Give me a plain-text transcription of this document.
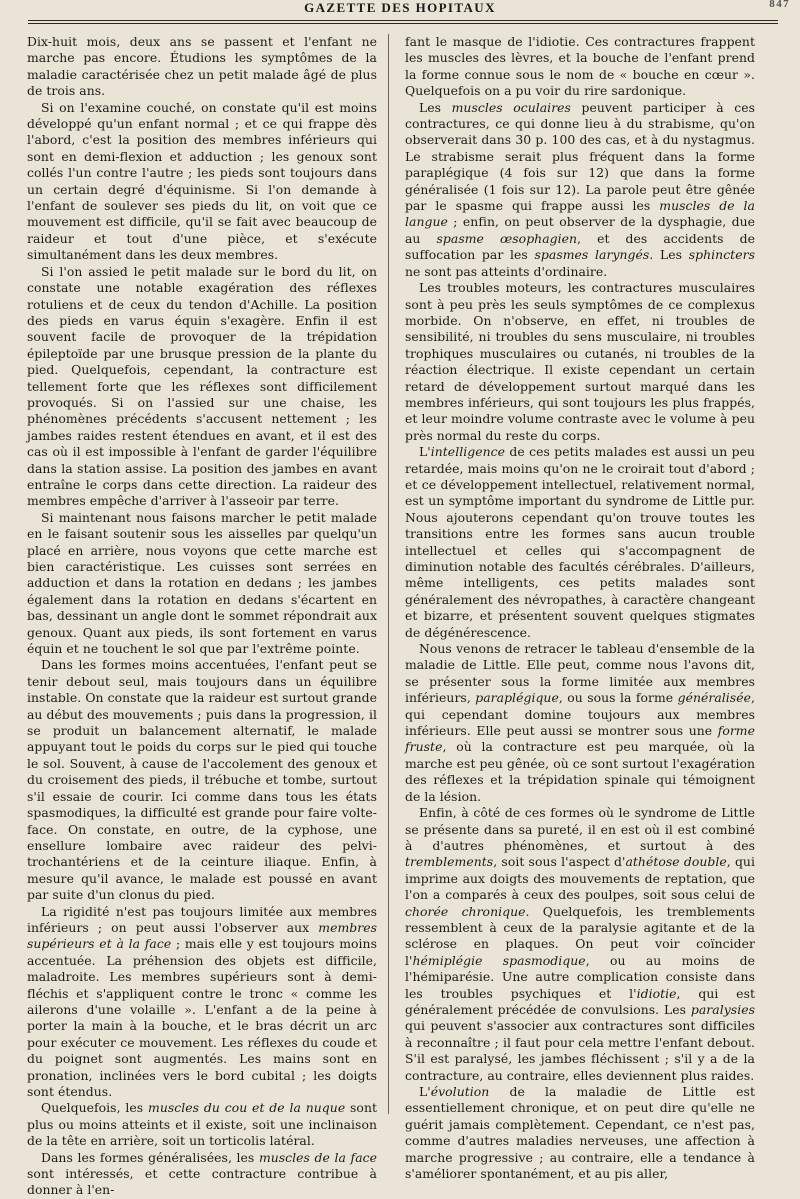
GAZETTE DES HOPITAUX	847

Dix-huit mois, deux ans se passent et l'enfant ne marche pas encore. Étudions les symptômes de la maladie caractérisée chez un petit malade âgé de plus de trois ans.

Si on l'examine couché, on constate qu'il est moins développé qu'un enfant normal ; et ce qui frappe dès l'abord, c'est la position des membres inférieurs qui sont en demi-flexion et adduction ; les genoux sont collés l'un contre l'autre ; les pieds sont toujours dans un certain degré d'équinisme. Si l'on demande à l'enfant de soulever ses pieds du lit, on voit que ce mouvement est difficile, qu'il se fait avec beaucoup de raideur et tout d'une pièce, et s'exécute simultanément dans les deux membres.

Si l'on assied le petit malade sur le bord du lit, on constate une notable exagération des réflexes rotuliens et de ceux du tendon d'Achille. La position des pieds en varus équin s'exagère. Enfin il est souvent facile de provoquer de la trépidation épileptoïde par une brusque pression de la plante du pied. Quelquefois, cependant, la contracture est tellement forte que les réflexes sont difficilement provoqués. Si on l'assied sur une chaise, les phénomènes précédents s'accusent nettement ; les jambes raides restent étendues en avant, et il est des cas où il est impossible à l'enfant de garder l'équilibre dans la station assise. La position des jambes en avant entraîne le corps dans cette direction. La raideur des membres empêche d'arriver à l'asseoir par terre.

Si maintenant nous faisons marcher le petit malade en le faisant soutenir sous les aisselles par quelqu'un placé en arrière, nous voyons que cette marche est bien caractéristique. Les cuisses sont serrées en adduction et dans la rotation en dedans ; les jambes également dans la rotation en dedans s'écartent en bas, dessinant un angle dont le sommet répondrait aux genoux. Quant aux pieds, ils sont fortement en varus équin et ne touchent le sol que par l'extrême pointe.

Dans les formes moins accentuées, l'enfant peut se tenir debout seul, mais toujours dans un équilibre instable. On constate que la raideur est surtout grande au début des mouvements ; puis dans la progression, il se produit un balancement alternatif, le malade appuyant tout le poids du corps sur le pied qui touche le sol. Souvent, à cause de l'accolement des genoux et du croisement des pieds, il trébuche et tombe, surtout s'il essaie de courir. Ici comme dans tous les états spasmodiques, la difficulté est grande pour faire volte-face. On constate, en outre, de la cyphose, une ensellure lombaire avec raideur des pelvi-trochantériens et de la ceinture iliaque. Enfin, à mesure qu'il avance, le malade est poussé en avant par suite d'un clonus du pied.

La rigidité n'est pas toujours limitée aux membres inférieurs ; on peut aussi l'observer aux membres supérieurs et à la face ; mais elle y est toujours moins accentuée. La préhension des objets est difficile, maladroite. Les membres supérieurs sont à demi-fléchis et s'appliquent contre le tronc « comme les ailerons d'une volaille ». L'enfant a de la peine à porter la main à la bouche, et le bras décrit un arc pour exécuter ce mouvement. Les réflexes du coude et du poignet sont augmentés. Les mains sont en pronation, inclinées vers le bord cubital ; les doigts sont étendus.

Quelquefois, les muscles du cou et de la nuque sont plus ou moins atteints et il existe, soit une inclinaison de la tête en arrière, soit un torticolis latéral.

Dans les formes généralisées, les muscles de la face sont intéressés, et cette contracture contribue à donner à l'en-

fant le masque de l'idiotie. Ces contractures frappent les muscles des lèvres, et la bouche de l'enfant prend la forme connue sous le nom de « bouche en cœur ». Quelquefois on a pu voir du rire sardonique.

Les muscles oculaires peuvent participer à ces contractures, ce qui donne lieu à du strabisme, qu'on observerait dans 30 p. 100 des cas, et à du nystagmus. Le strabisme serait plus fréquent dans la forme paraplégique (4 fois sur 12) que dans la forme généralisée (1 fois sur 12). La parole peut être gênée par le spasme qui frappe aussi les muscles de la langue ; enfin, on peut observer de la dysphagie, due au spasme œsophagien, et des accidents de suffocation par les spasmes laryngés. Les sphincters ne sont pas atteints d'ordinaire.

Les troubles moteurs, les contractures musculaires sont à peu près les seuls symptômes de ce complexus morbide. On n'observe, en effet, ni troubles de sensibilité, ni troubles du sens musculaire, ni troubles trophiques musculaires ou cutanés, ni troubles de la réaction électrique. Il existe cependant un certain retard de développement surtout marqué dans les membres inférieurs, qui sont toujours les plus frappés, et leur moindre volume contraste avec le volume à peu près normal du reste du corps.

L'intelligence de ces petits malades est aussi un peu retardée, mais moins qu'on ne le croirait tout d'abord ; et ce développement intellectuel, relativement normal, est un symptôme important du syndrome de Little pur. Nous ajouterons cependant qu'on trouve toutes les transitions entre les formes sans aucun trouble intellectuel et celles qui s'accompagnent de diminution notable des facultés cérébrales. D'ailleurs, même intelligents, ces petits malades sont généralement des névropathes, à caractère changeant et bizarre, et présentent souvent quelques stigmates de dégénérescence.

Nous venons de retracer le tableau d'ensemble de la maladie de Little. Elle peut, comme nous l'avons dit, se présenter sous la forme limitée aux membres inférieurs, paraplégique, ou sous la forme généralisée, qui cependant domine toujours aux membres inférieurs. Elle peut aussi se montrer sous une forme fruste, où la contracture est peu marquée, où la marche est peu gênée, où ce sont surtout l'exagération des réflexes et la trépidation spinale qui témoignent de la lésion.

Enfin, à côté de ces formes où le syndrome de Little se présente dans sa pureté, il en est où il est combiné à d'autres phénomènes, et surtout à des tremblements, soit sous l'aspect d'athétose double, qui imprime aux doigts des mouvements de reptation, que l'on a comparés à ceux des poulpes, soit sous celui de chorée chronique. Quelquefois, les tremblements ressemblent à ceux de la paralysie agitante et de la sclérose en plaques. On peut voir coïncider l'hémiplégie spasmodique, ou au moins de l'hémiparésie. Une autre complication consiste dans les troubles psychiques et l'idiotie, qui est généralement précédée de convulsions. Les paralysies qui peuvent s'associer aux contractures sont difficiles à reconnaître ; il faut pour cela mettre l'enfant debout. S'il est paralysé, les jambes fléchissent ; s'il y a de la contracture, au contraire, elles deviennent plus raides.

L'évolution de la maladie de Little est essentiellement chronique, et on peut dire qu'elle ne guérit jamais complètement. Cependant, ce n'est pas, comme d'autres maladies nerveuses, une affection à marche progressive ; au contraire, elle a tendance à s'améliorer spontanément, et au pis aller,
